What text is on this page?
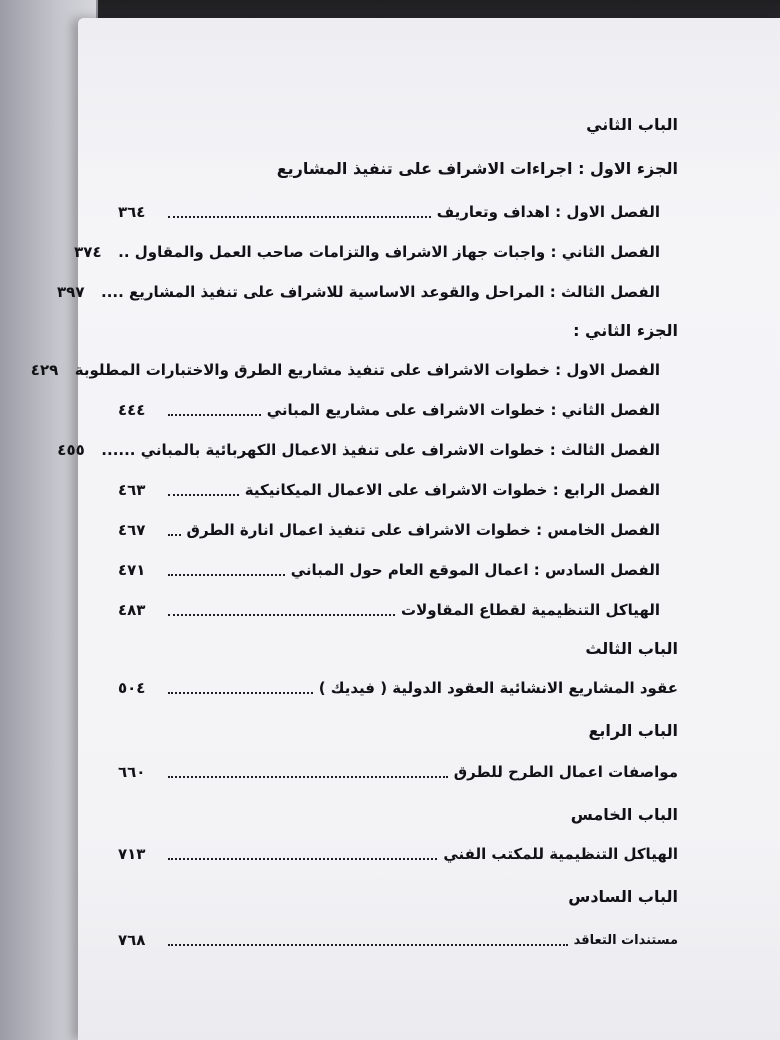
الباب الثاني
الجزء الاول : اجراءات الاشراف على تنفيذ المشاريع
الفصل الاول : اهداف وتعاريف
٣٦٤
الفصل الثاني : واجبات جهاز الاشراف والتزامات صاحب العمل والمقاول ..
٣٧٤
الفصل الثالث : المراحل والقوعد الاساسية للاشراف على تنفيذ المشاريع ....
٣٩٧
الجزء الثاني :
الفصل الاول : خطوات الاشراف على تنفيذ مشاريع الطرق والاختبارات المطلوبة
٤٢٩
الفصل الثاني : خطوات الاشراف على مشاريع المباني
٤٤٤
الفصل الثالث : خطوات الاشراف على تنفيذ الاعمال الكهربائية بالمباني ......
٤٥٥
الفصل الرابع : خطوات الاشراف على الاعمال الميكانيكية
٤٦٣
الفصل الخامس : خطوات الاشراف على تنفيذ اعمال انارة الطرق
٤٦٧
الفصل السادس : اعمال الموقع العام حول المباني
٤٧١
الهياكل التنظيمية لقطاع المقاولات
٤٨٣
الباب الثالث
عقود المشاريع الانشائية العقود الدولية ( فيديك )
٥٠٤
الباب الرابع
مواصفات اعمال الطرح للطرق
٦٦٠
الباب الخامس
الهياكل التنظيمية للمكتب الفني
٧١٣
الباب السادس
مستندات التعاقد
٧٦٨
